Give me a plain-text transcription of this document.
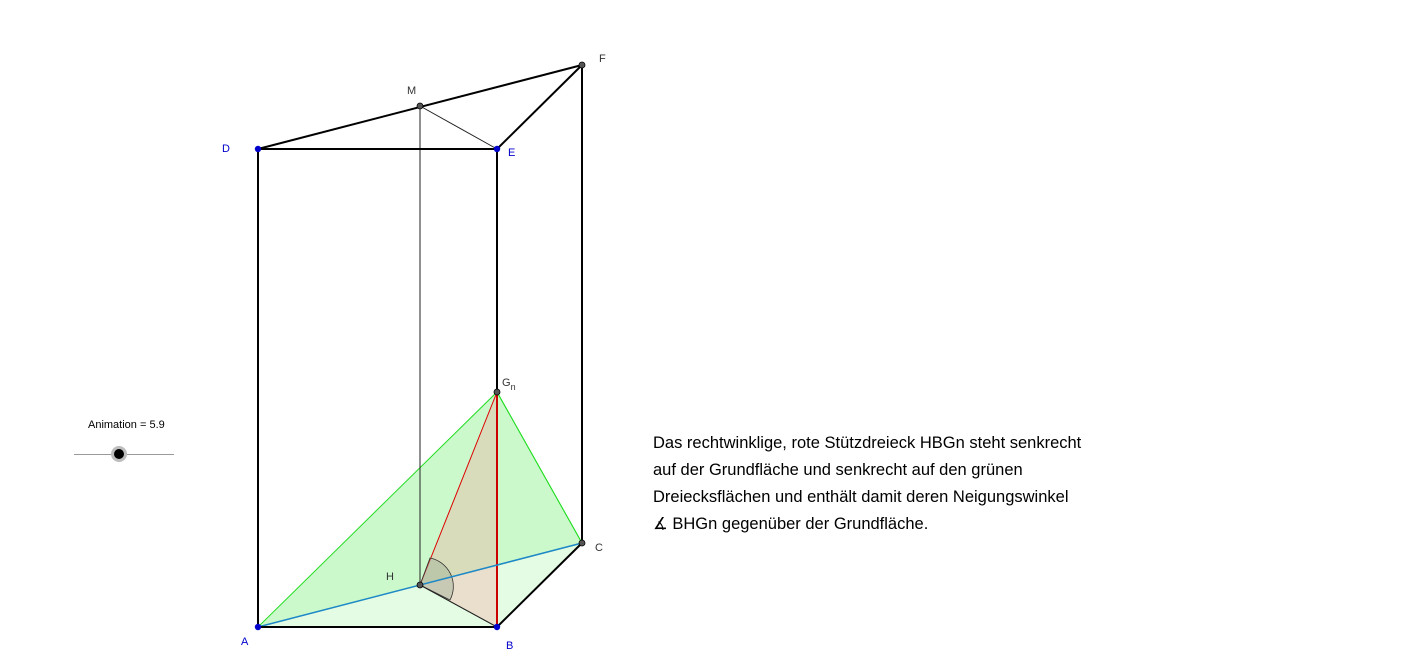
A	B
C
D	E
F
M
H
$G_n$
Animation = 5.9
Das rechtwinklige, rote Stützdreieck HBGn steht senkrecht
auf der Grundfläche und senkrecht auf den grünen
Dreiecksflächen und enthält damit deren Neigungswinkel
∡ BHGn gegenüber der Grundfläche.
